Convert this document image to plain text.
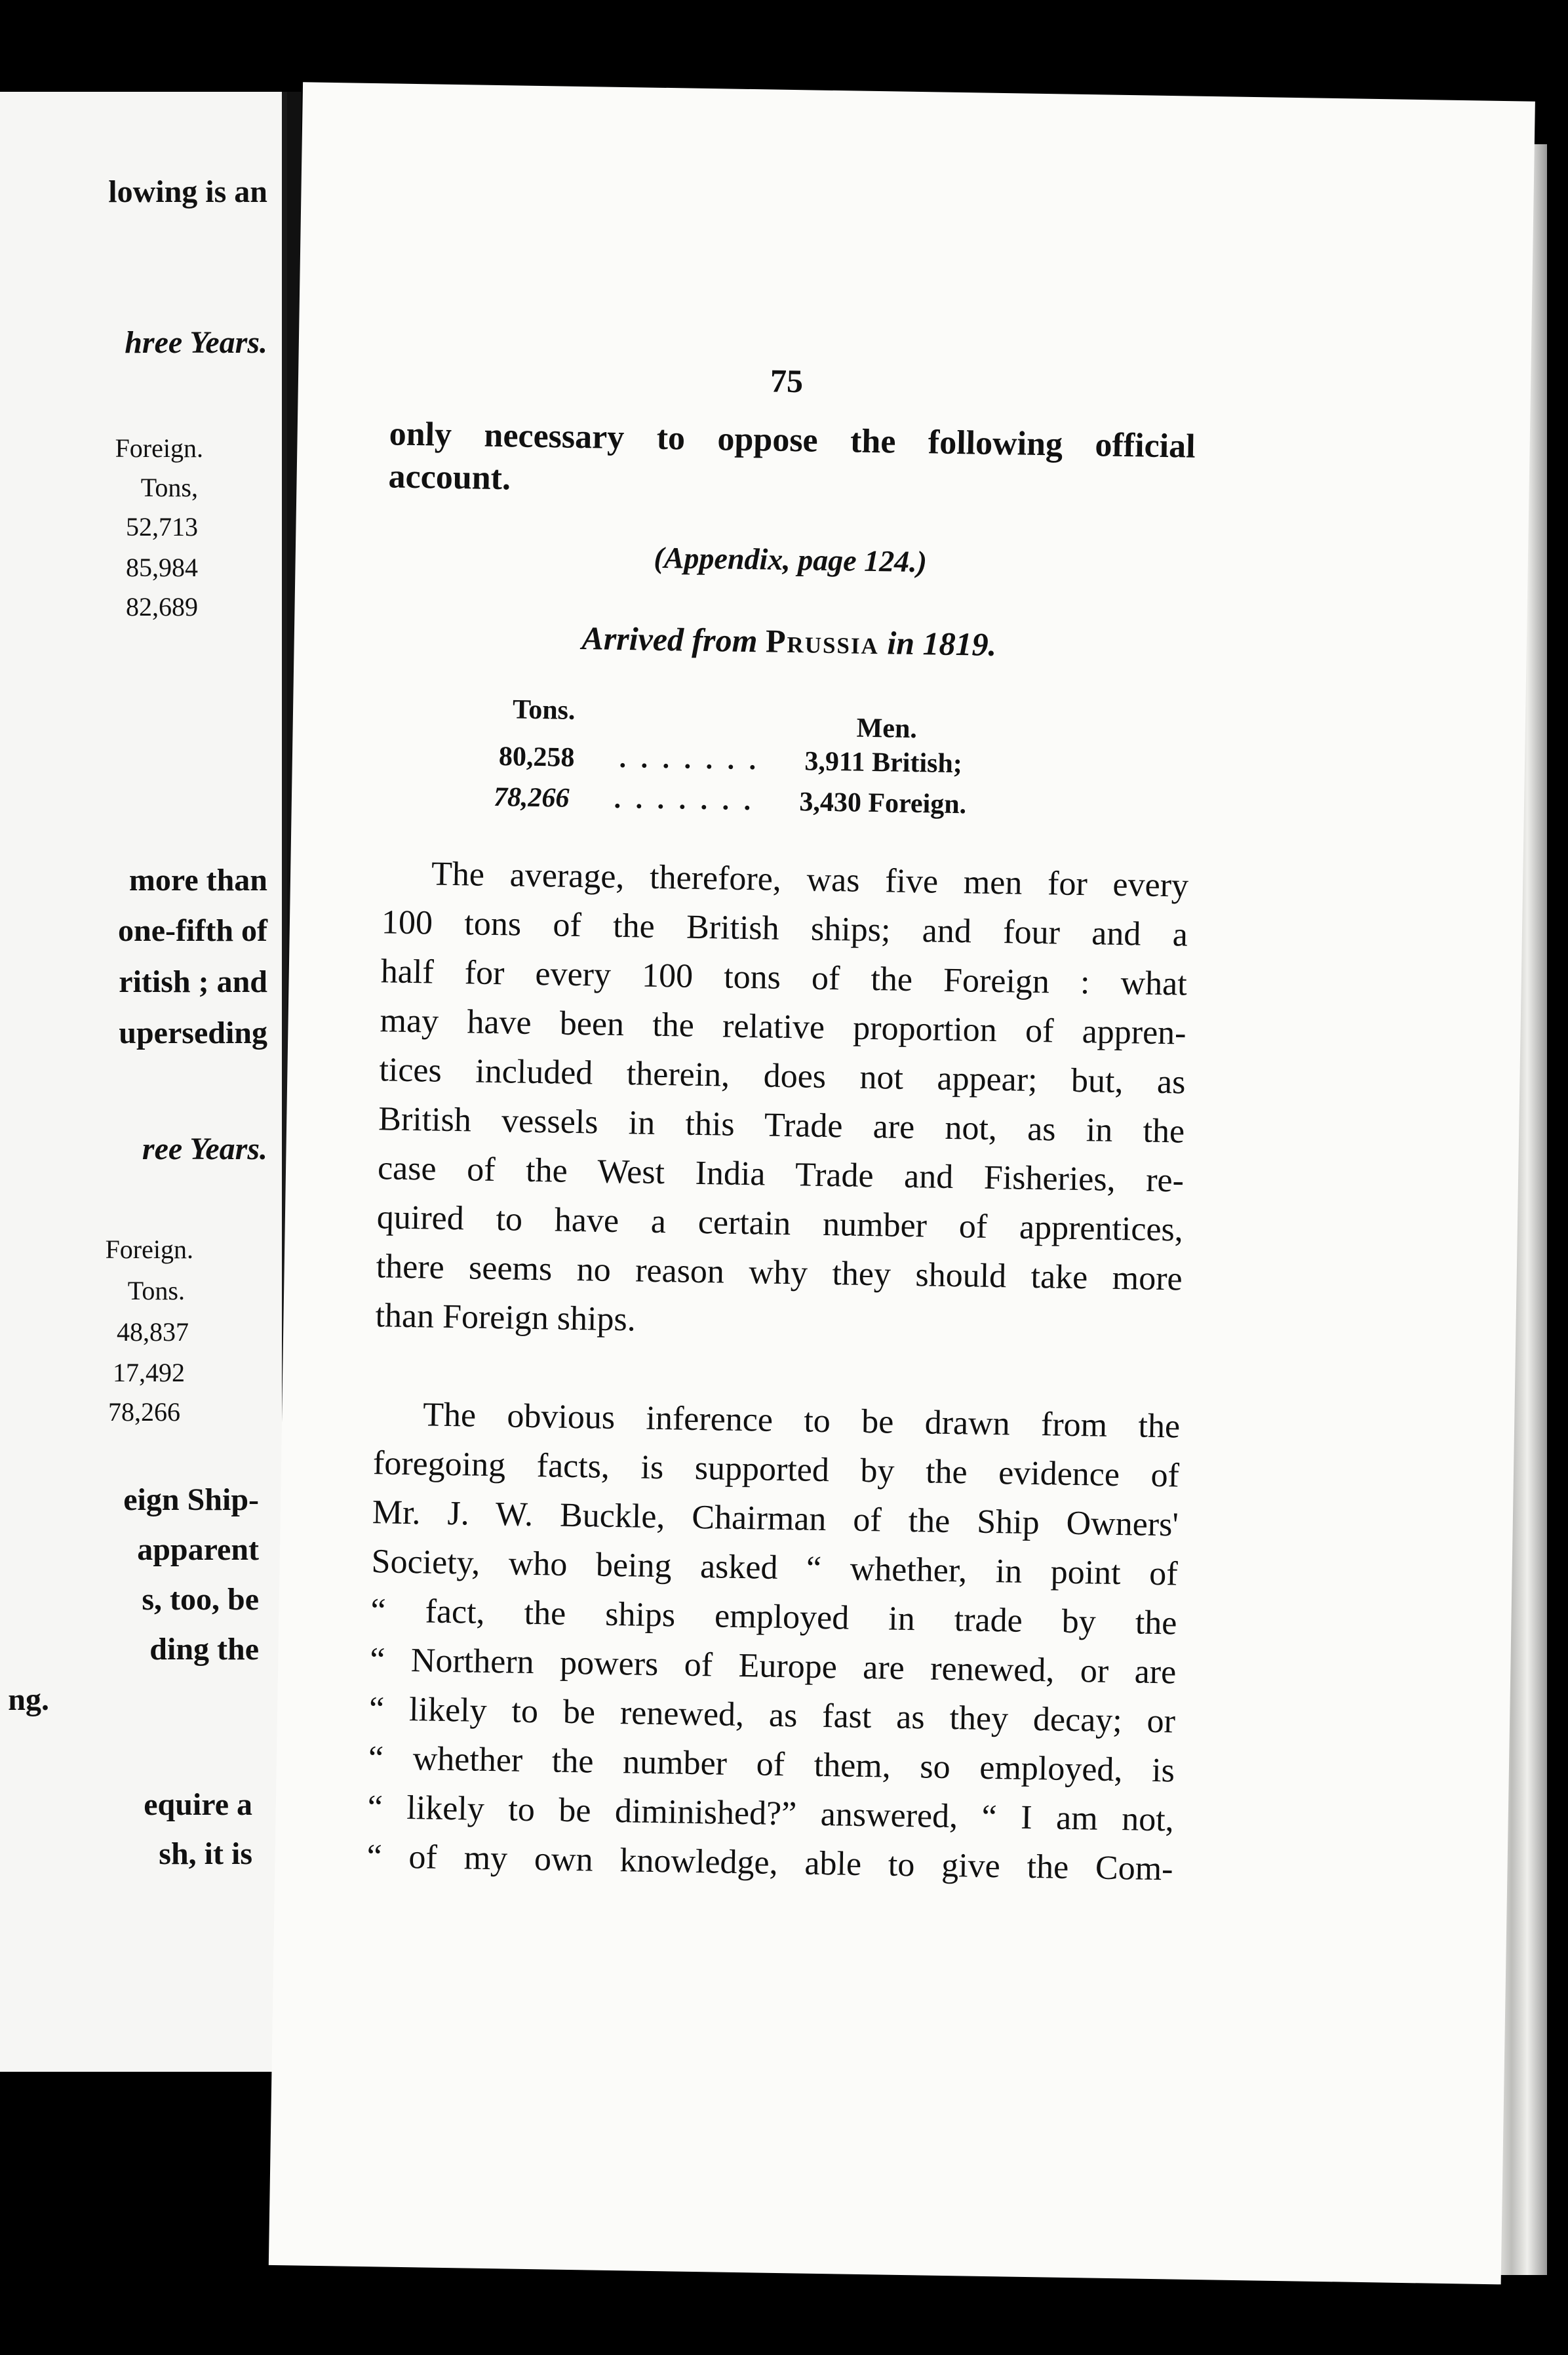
lowing is an
hree Years.
Foreign.
Tons,
52,713
85,984
82,689
more than
one-fifth of
ritish ; and
uperseding
ree Years.
Foreign.
Tons.
48,837
17,492
78,266
eign Ship-
apparent
s, too, be
ding the
ng.
equire a
sh, it is
75
only necessary to oppose the following official
account.
(Appendix, page 124.)
Arrived from Prussia in 1819.
Tons.
Men.
80,258 . . . . . . . 3,911 British;
78,266 . . . . . . . 3,430 Foreign.
The average, therefore, was five men for every
100 tons of the British ships; and four and a
half for every 100 tons of the Foreign : what
may have been the relative proportion of appren-
tices included therein, does not appear; but, as
British vessels in this Trade are not, as in the
case of the West India Trade and Fisheries, re-
quired to have a certain number of apprentices,
there seems no reason why they should take more
than Foreign ships.
The obvious inference to be drawn from the
foregoing facts, is supported by the evidence of
Mr. J. W. Buckle, Chairman of the Ship Owners'
Society, who being asked “ whether, in point of
“ fact, the ships employed in trade by the
“ Northern powers of Europe are renewed, or are
“ likely to be renewed, as fast as they decay; or
“ whether the number of them, so employed, is
“ likely to be diminished?” answered, “ I am not,
“ of my own knowledge, able to give the Com-
